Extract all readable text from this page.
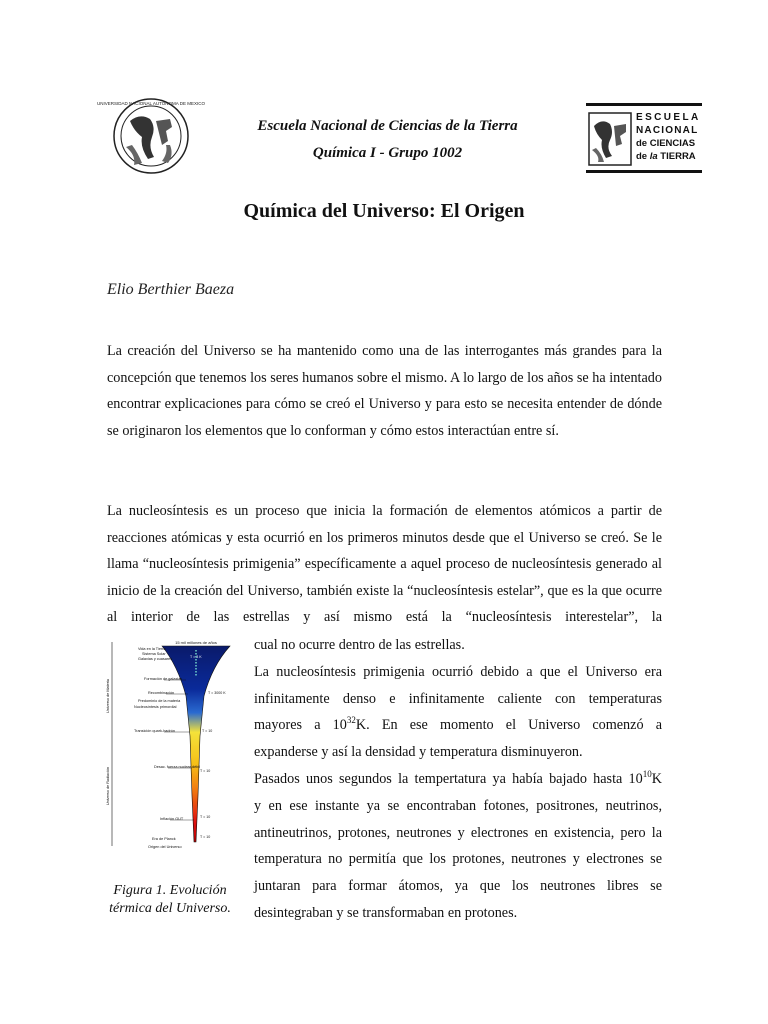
UNIVERSIDAD NACIONAL AUTONOMA DE MEXICO
Escuela Nacional de Ciencias de la Tierra
Química I - Grupo 1002
ESCUELA
NACIONAL
de CIENCIAS
de la TIERRA
Química del Universo: El Origen
Elio Berthier Baeza
La creación del Universo se ha mantenido como una de las interrogantes más grandes para la concepción que tenemos los seres humanos sobre el mismo. A lo largo de los años se ha intentado encontrar explicaciones para cómo se creó el Universo y para esto se necesita entender de dónde se originaron los elementos que lo conforman y cómo estos interactúan entre sí.
La nucleosíntesis es un proceso que inicia la formación de elementos atómicos a partir de reacciones atómicas y esta ocurrió en los primeros minutos desde que el Universo se creó. Se le llama “nucleosíntesis primigenia” específicamente a aquel proceso de nucleosíntesis generado al inicio de la creación del Universo, también existe la “nucleosíntesis estelar”, que es la que ocurre al interior de las estrellas y así mismo está la “nucleosíntesis interestelar”, la
15 mil millones de años
Universo de Materia
Universo de Radiación
Vida en la Tierra
Sistema Solar
Galaxias y cuasares
Formación de galaxias
Recombinación
Predominio de la materia
Nucleosíntesis primordial
Transición quark-hadrón
Desac. fuerza nuclear débil
Inflación GUT
Era de Planck
Origen del Universo
T = 3 K
T = 3000 K
T = 10
T = 10
T = 10
T = 10
Figura 1. Evolución
térmica del Universo.
cual no ocurre dentro de las estrellas.
La nucleosíntesis primigenia ocurrió debido a que el Universo era
infinitamente denso e infinitamente caliente con temperaturas
mayores a $10^{32}K$. En ese momento el Universo comenzó a
expanderse y así la densidad y temperatura disminuyeron.
Pasados unos segundos la tempertatura ya había bajado hasta $10^{10}K$
y en ese instante ya se encontraban fotones, positrones, neutrinos,
antineutrinos, protones, neutrones y electrones en existencia, pero la
temperatura no permitía que los protones, neutrones y electrones se
juntaran para formar átomos, ya que los neutrones libres se
desintegraban y se transformaban en protones.
